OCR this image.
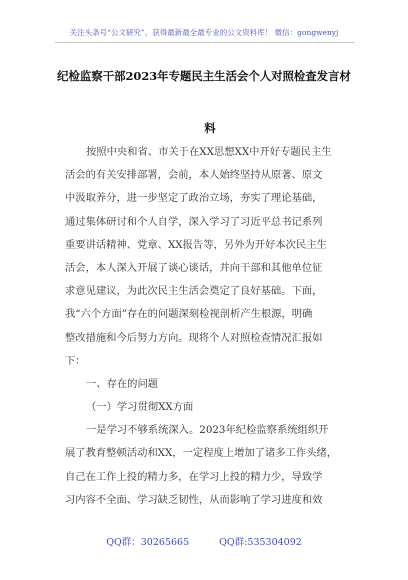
关注头条号“公文研究”，获得最新最全最专业的公文资料库！ 微信：gongwenyj
纪检监察干部2023年专题民主生活会个人对照检查发言材
料
按照中央和省、市关于在XX思想XX中开好专题民主生
活会的有关安排部署，会前，本人始终坚持从原著、原文
中汲取养分，进一步坚定了政治立场，夯实了理论基础，
通过集体研讨和个人自学，深入学习了习近平总书记系列
重要讲话精神、党章、XX报告等，另外为开好本次民主生
活会，本人深入开展了谈心谈话，并向干部和其他单位征
求意见建议，为此次民主生活会奠定了良好基础。下面，
我“六个方面”存在的问题深刻检视剖析产生根源，明确
整改措施和今后努力方向。现将个人对照检查情况汇报如
下：
一、存在的问题
（一）学习贯彻XX方面
一是学习不够系统深入。2023年纪检监察系统组织开
展了教育整顿活动和XX，一定程度上增加了诸多工作头绪，
自己在工作上投的精力多，在学习上投的精力少，导致学
习内容不全面、学习缺乏韧性，从而影响了学习进度和效
QQ群：30265665	QQ群:535304092
